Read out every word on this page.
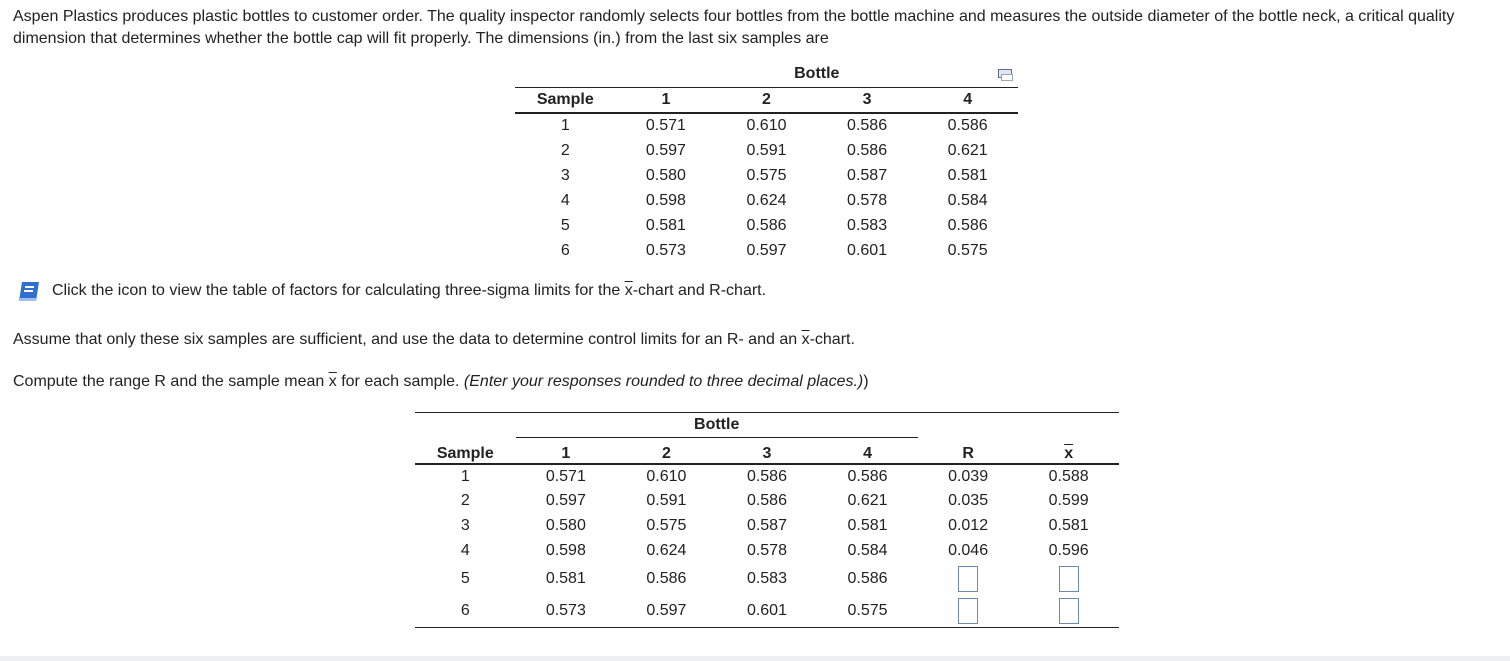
Aspen Plastics produces plastic bottles to customer order. The quality inspector randomly selects four bottles from the bottle machine and measures the outside diameter of the bottle neck, a critical quality dimension that determines whether the bottle cap will fit properly. The dimensions (in.) from the last six samples are

	Bottle			
Sample	1	2	3	4
1	0.571	0.610	0.586	0.586
2	0.597	0.591	0.586	0.621
3	0.580	0.575	0.587	0.581
4	0.598	0.624	0.578	0.584
5	0.581	0.586	0.583	0.586
6	0.573	0.597	0.601	0.575

Click the icon to view the table of factors for calculating three-sigma limits for the $\overline{x}$-chart and R-chart.

Assume that only these six samples are sufficient, and use the data to determine control limits for an R- and an $\overline{x}$-chart.

Compute the range R and the sample mean $\overline{x}$ for each sample. (Enter your responses rounded to three decimal places.))

	Bottle					
Sample	1	2	3	4	R	$\overline{x}$
1	0.571	0.610	0.586	0.586	0.039	0.588
2	0.597	0.591	0.586	0.621	0.035	0.599
3	0.580	0.575	0.587	0.581	0.012	0.581
4	0.598	0.624	0.578	0.584	0.046	0.596
5	0.581	0.586	0.583	0.586		
6	0.573	0.597	0.601	0.575		
